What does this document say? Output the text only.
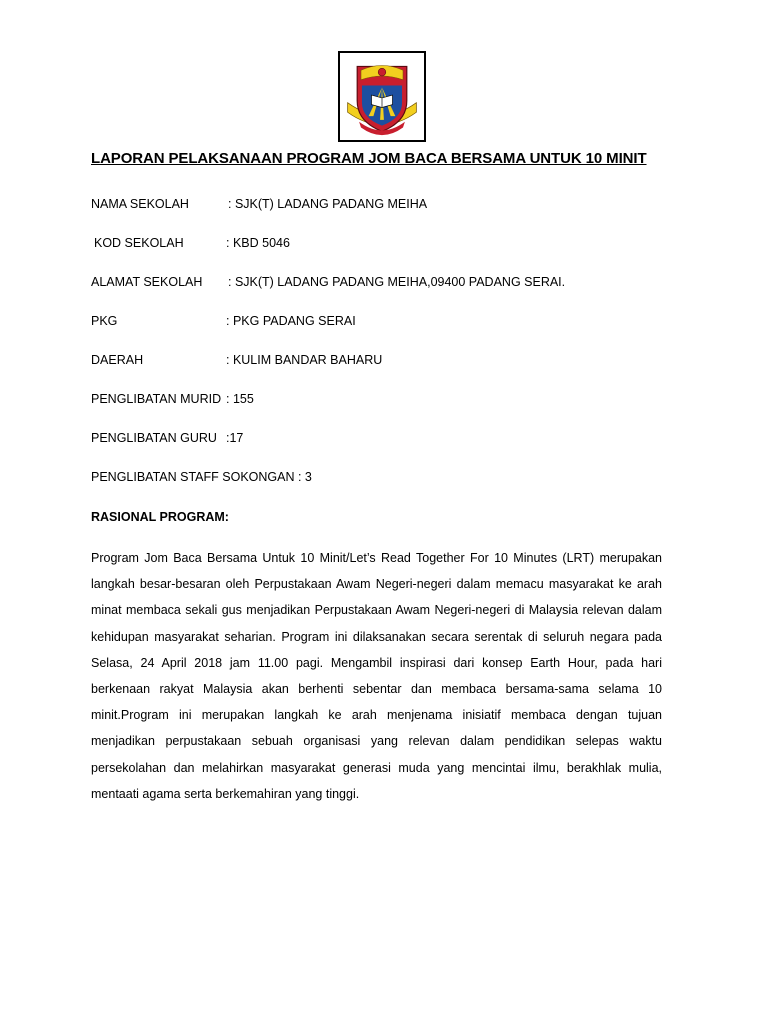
LAPORAN PELAKSANAAN PROGRAM JOM BACA BERSAMA UNTUK 10 MINIT
NAMA SEKOLAH	: SJK(T) LADANG PADANG MEIHA
KOD SEKOLAH	: KBD 5046
ALAMAT SEKOLAH : SJK(T) LADANG PADANG MEIHA,09400 PADANG SERAI.
PKG	: PKG PADANG SERAI
DAERAH	: KULIM BANDAR BAHARU
PENGLIBATAN MURID : 155
PENGLIBATAN GURU :17
PENGLIBATAN STAFF SOKONGAN : 3
RASIONAL PROGRAM:
Program Jom Baca Bersama Untuk 10 Minit/Let’s Read Together For 10 Minutes (LRT) merupakan langkah besar-besaran oleh Perpustakaan Awam Negeri-negeri dalam memacu masyarakat ke arah minat membaca sekali gus menjadikan Perpustakaan Awam Negeri-negeri di Malaysia relevan dalam kehidupan masyarakat seharian. Program ini dilaksanakan secara serentak di seluruh negara pada Selasa, 24 April 2018 jam 11.00 pagi. Mengambil inspirasi dari konsep Earth Hour, pada hari berkenaan rakyat Malaysia akan berhenti sebentar dan membaca bersama-sama selama 10 minit.Program ini merupakan langkah ke arah menjenama inisiatif membaca dengan tujuan menjadikan perpustakaan sebuah organisasi yang relevan dalam pendidikan selepas waktu persekolahan dan melahirkan masyarakat generasi muda yang mencintai ilmu, berakhlak mulia, mentaati agama serta berkemahiran yang tinggi.
